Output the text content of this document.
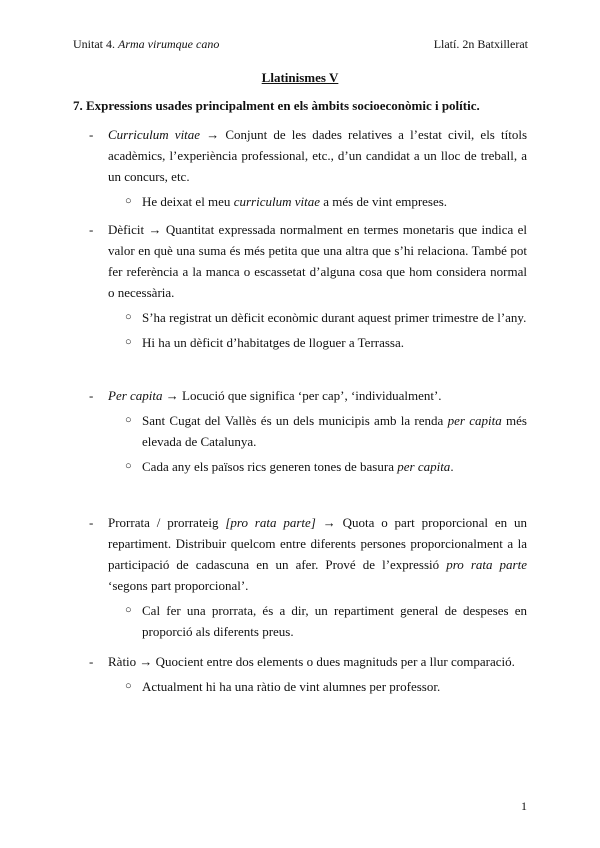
Unitat 4. Arma virumque cano	Llatí. 2n Batxillerat
Llatinismes V
7. Expressions usades principalment en els àmbits socioeconòmic i polític.
- Curriculum vitae → Conjunt de les dades relatives a l’estat civil, els títols acadèmics, l’experiència professional, etc., d’un candidat a un lloc de treball, a un concurs, etc.
○ He deixat el meu curriculum vitae a més de vint empreses.
- Dèficit → Quantitat expressada normalment en termes monetaris que indica el valor en què una suma és més petita que una altra que s’hi relaciona. També pot fer referència a la manca o escassetat d’alguna cosa que hom considera normal o necessària.
○ S’ha registrat un dèficit econòmic durant aquest primer trimestre de l’any.
○ Hi ha un dèficit d’habitatges de lloguer a Terrassa.
- Per capita → Locució que significa ‘per cap’, ‘individualment’.
○ Sant Cugat del Vallès és un dels municipis amb la renda per capita més elevada de Catalunya.
○ Cada any els països rics generen tones de basura per capita.
- Prorrata / prorrateig [pro rata parte] → Quota o part proporcional en un repartiment. Distribuir quelcom entre diferents persones proporcionalment a la participació de cadascuna en un afer. Prové de l’expressió pro rata parte ‘segons part proporcional’.
○ Cal fer una prorrata, és a dir, un repartiment general de despeses en proporció als diferents preus.
- Ràtio → Quocient entre dos elements o dues magnituds per a llur comparació.
○ Actualment hi ha una ràtio de vint alumnes per professor.
1
